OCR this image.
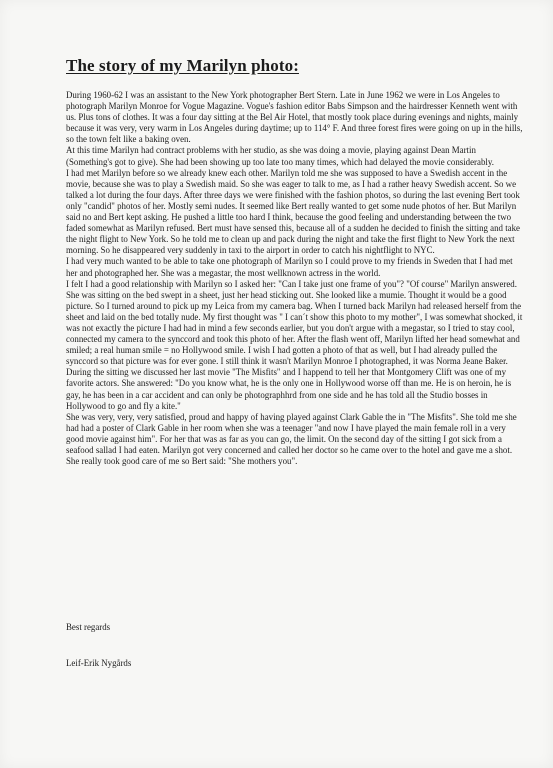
The story of my Marilyn photo:

During 1960-62 I was an assistant to the New York photographer Bert Stern. Late in June 1962 we were in Los Angeles to photograph Marilyn Monroe for Vogue Magazine. Vogue's fashion editor Babs Simpson and the hairdresser Kenneth went with us. Plus tons of clothes. It was a four day sitting at the Bel Air Hotel, that mostly took place during evenings and nights, mainly because it was very, very warm in Los Angeles during daytime; up to 114° F. And three forest fires were going on up in the hills, so the town felt like a baking oven.

At this time Marilyn had contract problems with her studio, as she was doing a movie, playing against Dean Martin (Something's got to give). She had been showing up too late too many times, which had delayed the movie considerably.

I had met Marilyn before so we already knew each other. Marilyn told me she was supposed to have a Swedish accent in the movie, because she was to play a Swedish maid. So she was eager to talk to me, as I had a rather heavy Swedish accent. So we talked a lot during the four days. After three days we were finished with the fashion photos, so during the last evening Bert took only "candid" photos of her. Mostly semi nudes. It seemed like Bert really wanted to get some nude photos of her. But Marilyn said no and Bert kept asking. He pushed a little too hard I think, because the good feeling and understanding between the two faded somewhat as Marilyn refused. Bert must have sensed this, because all of a sudden he decided to finish the sitting and take the night flight to New York. So he told me to clean up and pack during the night and take the first flight to New York the next morning. So he disappeared very suddenly in taxi to the airport in order to catch his nightflight to NYC.

I had very much wanted to be able to take one photograph of Marilyn so I could prove to my friends in Sweden that I had met her and photographed her. She was a megastar, the most wellknown actress in the world.

I felt I had a good relationship with Marilyn so I asked her: "Can I take just one frame of you"? "Of course" Marilyn answered. She was sitting on the bed swept in a sheet, just her head sticking out. She looked like a mumie. Thought it would be a good picture. So I turned around to pick up my Leica from my camera bag. When I turned back Marilyn had released herself from the sheet and laid on the bed totally nude. My first thought was " I can´t show this photo to my mother", I was somewhat shocked, it was not exactly the picture I had had in mind a few seconds earlier, but you don't argue with a megastar, so I tried to stay cool, connected my camera to the synccord and took this photo of her. After the flash went off, Marilyn lifted her head somewhat and smiled; a real human smile = no Hollywood smile. I wish I had gotten a photo of that as well, but I had already pulled the synccord so that picture was for ever gone. I still think it wasn't Marilyn Monroe I photographed, it was Norma Jeane Baker.

During the sitting we discussed her last movie "The Misfits" and I happend to tell her that Montgomery Clift was one of my favorite actors. She answered: "Do you know what, he is the only one in Hollywood worse off than me. He is on heroin, he is gay, he has been in a car accident and can only be photographhrd from one side and he has told all the Studio bosses in Hollywood to go and fly a kite."

She was very, very, very satisfied, proud and happy of having played against Clark Gable the in "The Misfits". She told me she had had a poster of Clark Gable in her room when she was a teenager "and now I have played the main female roll in a very good movie against him". For her that was as far as you can go, the limit. On the second day of the sitting I got sick from a seafood sallad I had eaten. Marilyn got very concerned and called her doctor so he came over to the hotel and gave me a shot. She really took good care of me so Bert said: "She mothers you".

Best regards
Leif-Erik Nygårds
